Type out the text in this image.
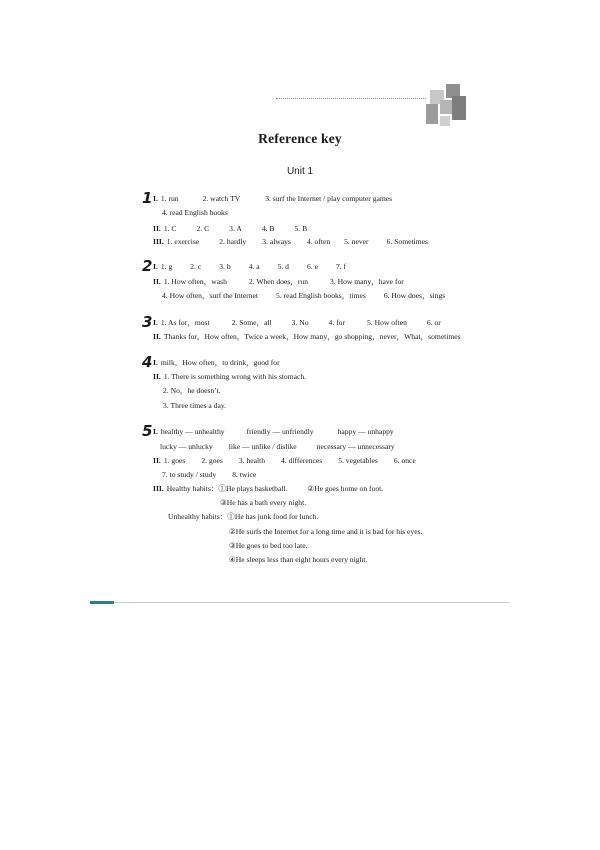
Reference key
Unit 1
1 I. 1. run	2. watch TV	3. surf the Internet / play computer games
4. read English books
II. 1. C	2. C	3. A	4. B	5. B
III. 1. exercise	2. hardly 3. always 4. often 5. never 6. Sometimes
2 I. 1. g 2. c 3. b 4. a 5. d 6. e 7. f
II. 1. How often，wash	2. When does，run	3. How many，have for
4. How often，surf the Internet 5. read English books，times 6. How does，sings
3 I. 1. As for，most	2. Some，all	3. No	4. for	5. How often	6. or
II. Thanks for，How often，Twice a week，How many，go shopping，never，What，sometimes
4 I. milk，How often，to drink，good for
II. 1. There is something wrong with his stomach.
2. No，he doesn’t.
3. Three times a day.
5 I. healthy — unhealthy	friendly — unfriendly	happy — unhappy
lucky — unlucky like — unlike / dislike	necessary — unnecessary
II. 1. goes 2. goes 3. health 4. differences 5. vegetables 6. once
7. to study / study 8. twice
III. Healthy habits：①He plays basketball.	②He goes home on foot.
③He has a bath every night.
Unhealthy habits：①He has junk food for lunch.
②He surfs the Internet for a long time and it is bad for his eyes.
③He goes to bed too late.
④He sleeps less than eight hours every night.
